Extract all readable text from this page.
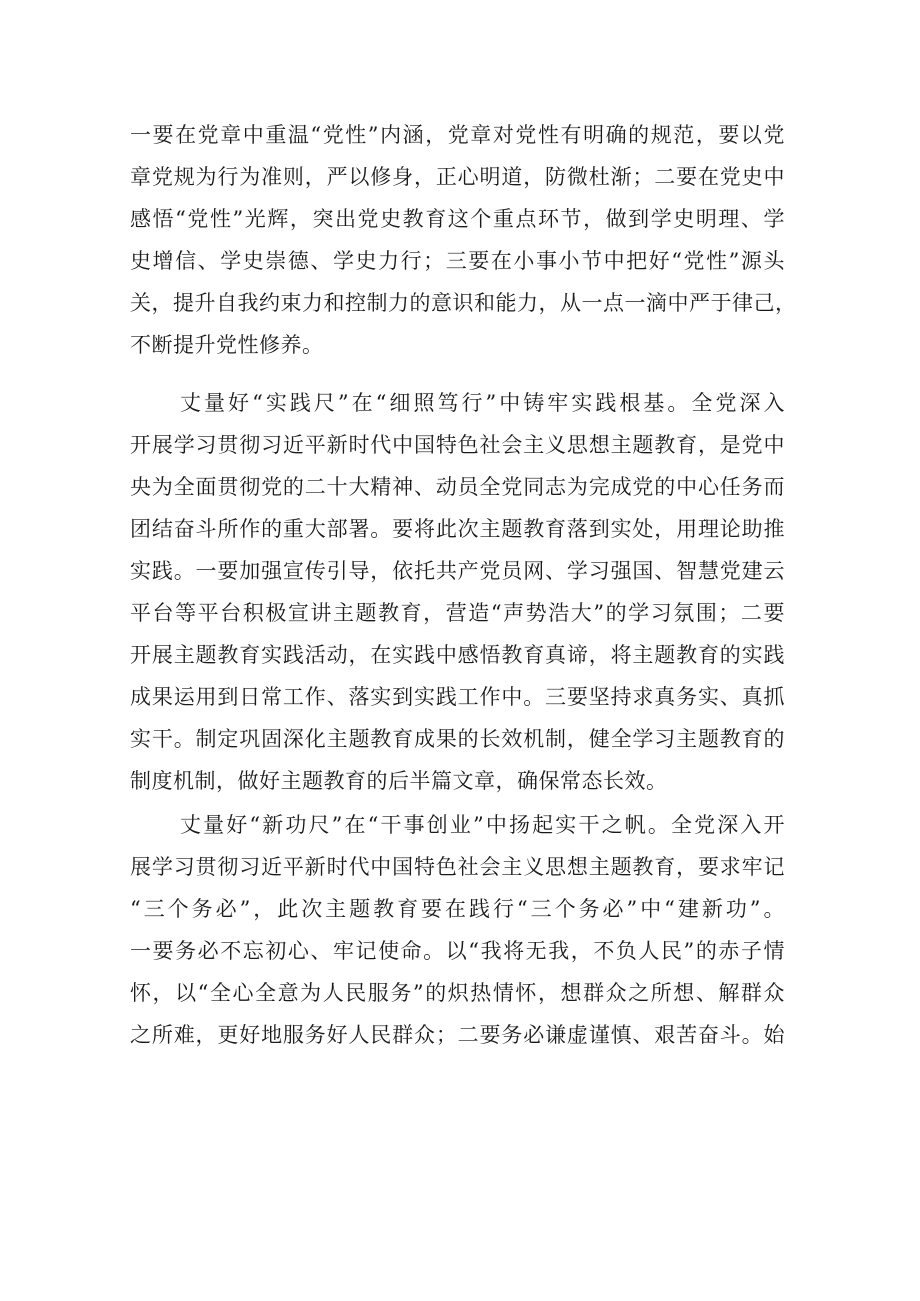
一要在党章中重温“党性”内涵，党章对党性有明确的规范，要以党
章党规为行为准则，严以修身，正心明道，防微杜渐；二要在党史中
感悟“党性”光辉，突出党史教育这个重点环节，做到学史明理、学
史增信、学史崇德、学史力行；三要在小事小节中把好“党性”源头
关，提升自我约束力和控制力的意识和能力，从一点一滴中严于律己，
不断提升党性修养。
丈量好“实践尺”在“细照笃行”中铸牢实践根基。全党深入
开展学习贯彻习近平新时代中国特色社会主义思想主题教育，是党中
央为全面贯彻党的二十大精神、动员全党同志为完成党的中心任务而
团结奋斗所作的重大部署。要将此次主题教育落到实处，用理论助推
实践。一要加强宣传引导，依托共产党员网、学习强国、智慧党建云
平台等平台积极宣讲主题教育，营造“声势浩大”的学习氛围；二要
开展主题教育实践活动，在实践中感悟教育真谛，将主题教育的实践
成果运用到日常工作、落实到实践工作中。三要坚持求真务实、真抓
实干。制定巩固深化主题教育成果的长效机制，健全学习主题教育的
制度机制，做好主题教育的后半篇文章，确保常态长效。
丈量好“新功尺”在“干事创业”中扬起实干之帆。全党深入开
展学习贯彻习近平新时代中国特色社会主义思想主题教育，要求牢记
“三个务必”，此次主题教育要在践行“三个务必”中“建新功”。
一要务必不忘初心、牢记使命。以“我将无我，不负人民”的赤子情
怀，以“全心全意为人民服务”的炽热情怀，想群众之所想、解群众
之所难，更好地服务好人民群众；二要务必谦虚谨慎、艰苦奋斗。始
